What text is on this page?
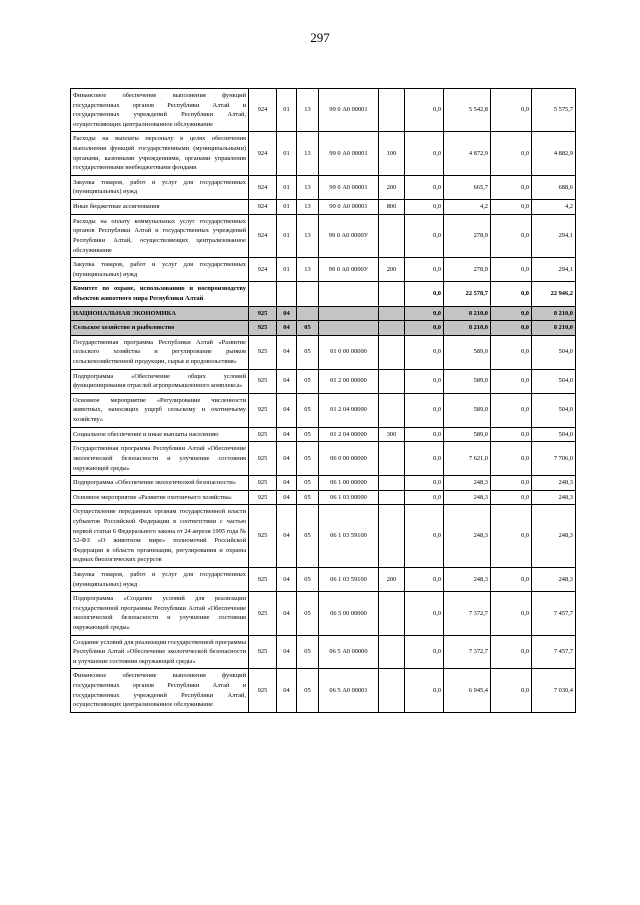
297
Финансовое обеспечение выполнения функций государственных органов Республики Алтай и государственных учреждений Республики Алтай, осуществляющих централизованное обслуживание	924	01	13	99 0 А0 00001		0,0	5 542,8	0,0	5 575,7
Расходы на выплаты персоналу в целях обеспечения выполнения функций государственными (муниципальными) органами, казенными учреждениями, органами управления государственными внебюджетными фондами	924	01	13	99 0 А0 00001	100	0,0	4 872,9	0,0	4 882,9
Закупка товаров, работ и услуг для государственных (муниципальных) нужд	924	01	13	99 0 А0 00001	200	0,0	665,7	0,0	688,6
Иные бюджетные ассигнования	924	01	13	99 0 А0 00001	800	0,0	4,2	0,0	4,2
Расходы на оплату коммунальных услуг государственных органов Республики Алтай и государственных учреждений Республики Алтай, осуществляющих централизованное обслуживание	924	01	13	99 0 А0 0000У		0,0	278,9	0,0	294,1
Закупка товаров, работ и услуг для государственных (муниципальных) нужд	924	01	13	99 0 А0 0000У	200	0,0	278,9	0,0	294,1
Комитет по охране, использованию и воспроизводству объектов животного мира Республики Алтай						0,0	22 578,7	0,0	22 946,2
НАЦИОНАЛЬНАЯ ЭКОНОМИКА	925	04				0,0	8 210,0	0,0	8 210,0
Сельское хозяйство и рыболовство	925	04	05			0,0	8 210,0	0,0	8 210,0
Государственная программа Республики Алтай «Развитие сельского хозяйства и регулирование рынков сельскохозяйственной продукции, сырья и продовольствия»	925	04	05	01 0 00 00000		0,0	589,0	0,0	504,0
Подпрограмма «Обеспечение общих условий функционирования отраслей агропромышленного комплекса»	925	04	05	01 2 00 00000		0,0	589,0	0,0	504,0
Основное мероприятие «Регулирование численности животных, наносящих ущерб сельскому и охотничьему хозяйству»	925	04	05	01 2 04 00000		0,0	589,0	0,0	504,0
Социальное обеспечение и иные выплаты населению	925	04	05	01 2 04 00000	300	0,0	589,0	0,0	504,0
Государственная программа Республики Алтай «Обеспечение экологической безопасности и улучшение состояния окружающей среды»	925	04	05	06 0 00 00000		0,0	7 621,0	0,0	7 706,0
Подпрограмма «Обеспечение экологической безопасности»	925	04	05	06 1 00 00000		0,0	248,3	0,0	248,3
Основное мероприятие «Развитие охотничьего хозяйства»	925	04	05	06 1 03 00000		0,0	248,3	0,0	248,3
Осуществление переданных органам государственной власти субъектов Российской Федерации в соответствии с частью первой статьи 6 Федерального закона от 24 апреля 1995 года № 52-ФЗ «О животном мире» полномочий Российской Федерации в области организации, регулирования и охраны водных биологических ресурсов	925	04	05	06 1 03 59100		0,0	248,3	0,0	248,3
Закупка товаров, работ и услуг для государственных (муниципальных) нужд	925	04	05	06 1 03 59100	200	0,0	248,3	0,0	248,3
Подпрограмма «Создание условий для реализации государственной программы Республики Алтай «Обеспечение экологической безопасности и улучшение состояния окружающей среды»	925	04	05	06 5 00 00000		0,0	7 372,7	0,0	7 457,7
Создание условий для реализации государственной программы Республики Алтай «Обеспечение экологической безопасности и улучшение состояния окружающей среды»	925	04	05	06 5 А0 00000		0,0	7 372,7	0,0	7 457,7
Финансовое обеспечение выполнения функций государственных органов Республики Алтай и государственных учреждений Республики Алтай, осуществляющих централизованное обслуживание	925	04	05	06 5 А0 00001		0,0	6 945,4	0,0	7 030,4
